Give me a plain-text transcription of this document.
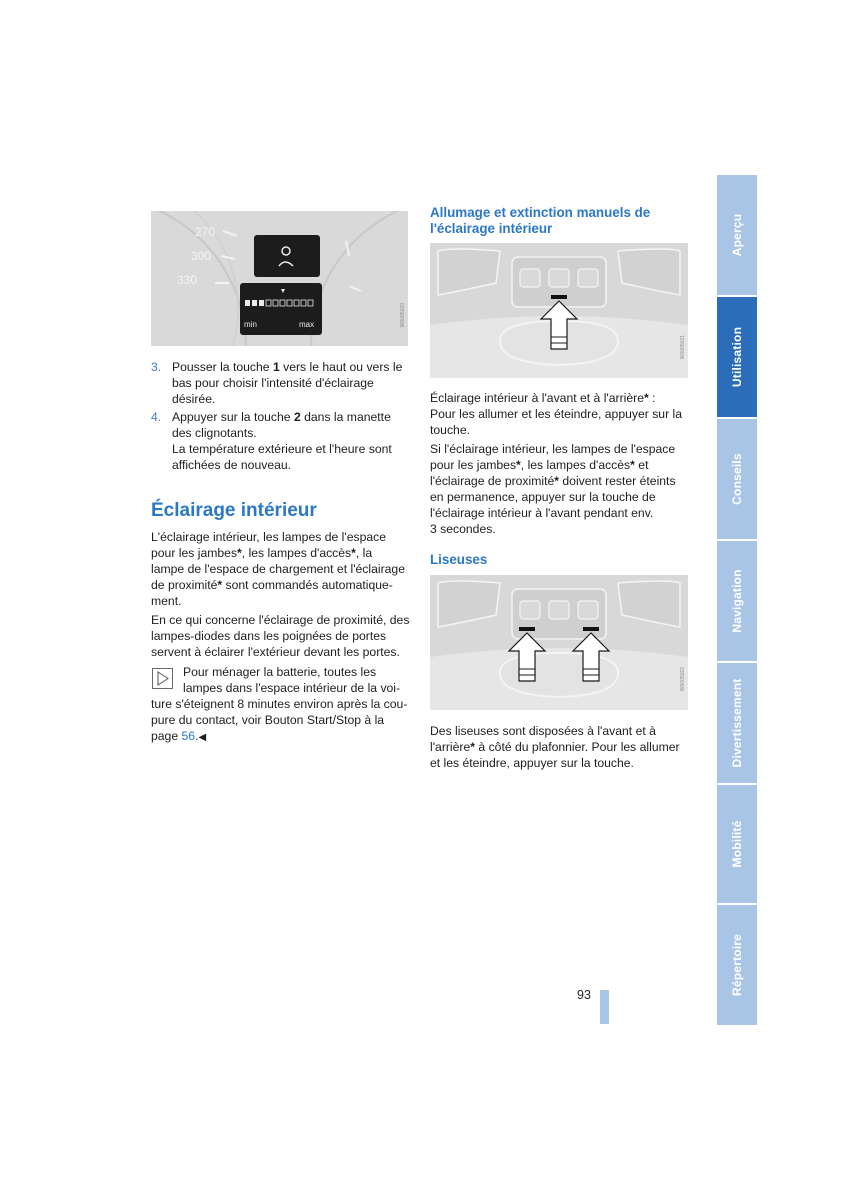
270
300
330
min	max	W0005020
3. Pousser la touche 1 vers le haut ou vers le
bas pour choisir l'intensité d'éclairage
désirée.
4. Appuyer sur la touche 2 dans la manette
des clignotants.
La température extérieure et l'heure sont
affichées de nouveau.
Éclairage intérieur
L'éclairage intérieur, les lampes de l'espace
pour les jambes*, les lampes d'accès*, la
lampe de l'espace de chargement et l'éclairage
de proximité* sont commandés automatique-
ment.
En ce qui concerne l'éclairage de proximité, des
lampes-diodes dans les poignées de portes
servent à éclairer l'extérieur devant les portes.
Pour ménager la batterie, toutes les
lampes dans l'espace intérieur de la voi-
ture s'éteignent 8 minutes environ après la cou-
pure du contact, voir Bouton Start/Stop à la
page 56.◀
Allumage et extinction manuels de
l'éclairage intérieur
W0005021
Éclairage intérieur à l'avant et à l'arrière* :
Pour les allumer et les éteindre, appuyer sur la
touche.
Si l'éclairage intérieur, les lampes de l'espace
pour les jambes*, les lampes d'accès* et
l'éclairage de proximité* doivent rester éteints
en permanence, appuyer sur la touche de
l'éclairage intérieur à l'avant pendant env.
3 secondes.
Liseuses
W0005022
Des liseuses sont disposées à l'avant et à
l'arrière* à côté du plafonnier. Pour les allumer
et les éteindre, appuyer sur la touche.
93
Aperçu
Utilisation
Conseils
Navigation
Divertissement
Mobilité
Répertoire
